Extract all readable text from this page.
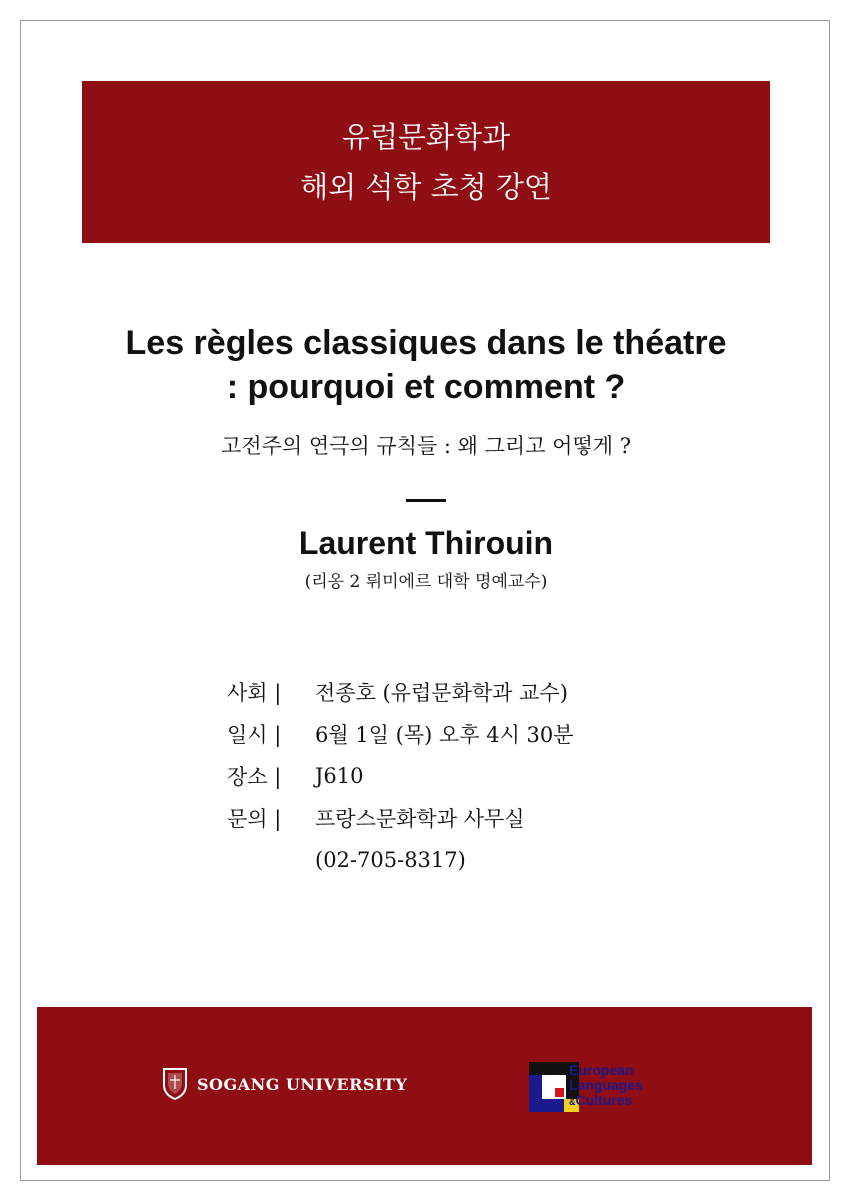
유럽문화학과
해외 석학 초청 강연
Les règles classiques dans le théatre
: pourquoi et comment ?
고전주의 연극의 규칙들 : 왜 그리고 어떻게 ?
Laurent Thirouin
(리옹 2 뤼미에르 대학 명예교수)
사회 |	전종호 (유럽문화학과 교수)
일시 |	6월 1일 (목) 오후 4시 30분
장소 |	J610
문의 |	프랑스문화학과 사무실
(02-705-8317)
SOGANG UNIVERSITY
European
Languages
&Cultures
